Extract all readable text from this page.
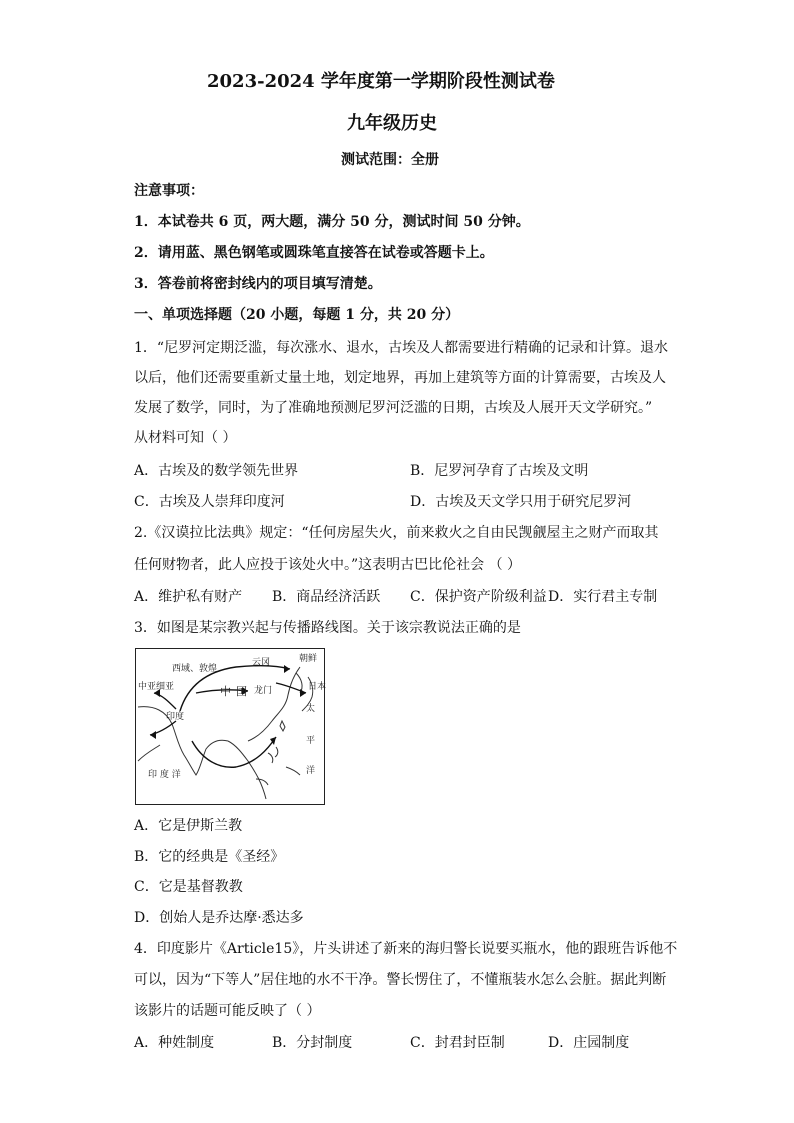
2023-2024 学年度第一学期阶段性测试卷
九年级历史
测试范围：全册
注意事项：
1．本试卷共 6 页，两大题，满分 50 分，测试时间 50 分钟。
2．请用蓝、黑色钢笔或圆珠笔直接答在试卷或答题卡上。
3．答卷前将密封线内的项目填写清楚。
一、单项选择题（20 小题，每题 1 分，共 20 分）
1．“尼罗河定期泛滥，每次涨水、退水，古埃及人都需要进行精确的记录和计算。退水
以后，他们还需要重新丈量土地，划定地界，再加上建筑等方面的计算需要，古埃及人
发展了数学，同时，为了准确地预测尼罗河泛滥的日期，古埃及人展开天文学研究。”
从材料可知（ ）
A．古埃及的数学领先世界	B．尼罗河孕育了古埃及文明
C．古埃及人崇拜印度河	D．古埃及天文学只用于研究尼罗河
2.《汉谟拉比法典》规定：“任何房屋失火，前来救火之自由民觊觎屋主之财产而取其
任何财物者，此人应投于该处火中。”这表明古巴比伦社会 （ ）
A．维护私有财产 B．商品经济活跃 C．保护资产阶级利益 D．实行君主专制
3．如图是某宗教兴起与传播路线图。关于该宗教说法正确的是
西域、敦煌
云冈	朝鲜
中亚细亚	龙门	日本
中 国
印度
太
平
洋
印 度 洋
A．它是伊斯兰教
B．它的经典是《圣经》
C．它是基督教教
D．创始人是乔达摩·悉达多
4．印度影片《Article15》，片头讲述了新来的海归警长说要买瓶水，他的跟班告诉他不
可以，因为“下等人”居住地的水不干净。警长愣住了，不懂瓶装水怎么会脏。据此判断
该影片的话题可能反映了（ ）
A．种姓制度	B．分封制度	C．封君封臣制	D．庄园制度
